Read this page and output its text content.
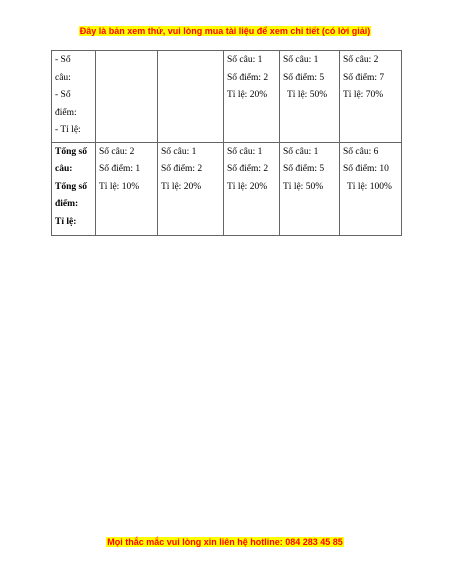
Đây là bản xem thử, vui lòng mua tài liệu để xem chi tiết (có lời giải)
- Số
câu:
- Số
điểm:
- Tỉ lệ:			Số câu: 1
Số điểm: 2
Tỉ lệ: 20%	Số câu: 1
Số điểm: 5
Tỉ lệ: 50%	Số câu: 2
Số điểm: 7
Tỉ lệ: 70%

Tổng số
câu:
Tổng số
điểm:
Tỉ lệ:	Số câu: 2
Số điểm: 1
Tỉ lệ: 10%	Số câu: 1
Số điểm: 2
Tỉ lệ: 20%	Số câu: 1
Số điểm: 2
Tỉ lệ: 20%	Số câu: 1
Số điểm: 5
Tỉ lệ: 50%	Số câu: 6
Số điểm: 10
Tỉ lệ: 100%
Mọi thắc mắc vui lòng xin liên hệ hotline: 084 283 45 85
